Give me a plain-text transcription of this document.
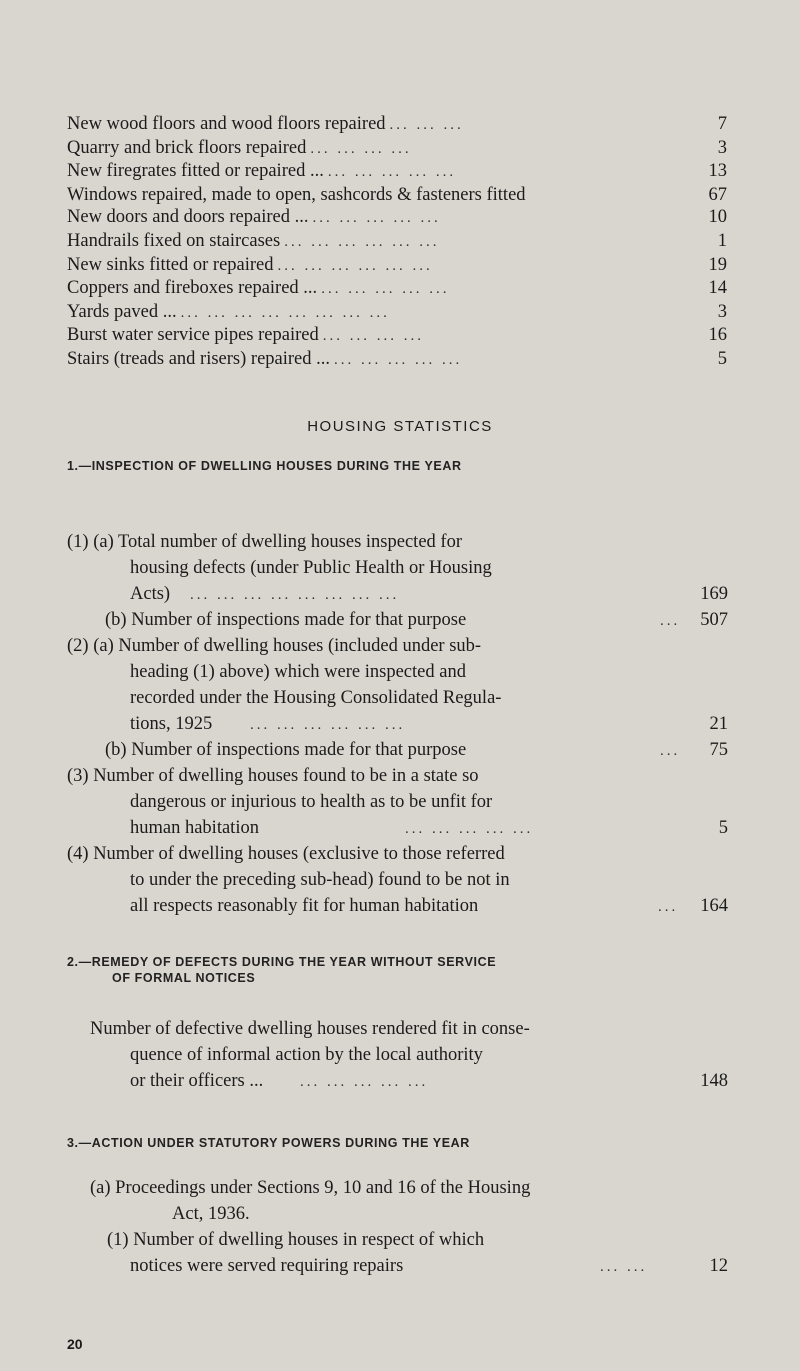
New wood floors and wood floors repaired ... ... ...	7
Quarry and brick floors repaired ... ... ... ...	3
New firegrates fitted or repaired ... ... ... ... ... ...	13
Windows repaired, made to open, sashcords & fasteners fitted	67
New doors and doors repaired ... ... ... ... ... ...	10
Handrails fixed on staircases ... ... ... ... ... ...	1
New sinks fitted or repaired ... ... ... ... ... ...	19
Coppers and fireboxes repaired ... ... ... ... ... ...	14
Yards paved ... ... ... ... ... ... ... ... ...	3
Burst water service pipes repaired ... ... ... ...	16
Stairs (treads and risers) repaired ... ... ... ... ... ...	5
HOUSING STATISTICS
1.—INSPECTION OF DWELLING HOUSES DURING THE YEAR
(1) (a) Total number of dwelling houses inspected for
housing defects (under Public Health or Housing
Acts) ... ... ... ... ... ... ... ...	169
(b) Number of inspections made for that purpose	...	507
(2) (a) Number of dwelling houses (included under sub-
heading (1) above) which were inspected and
recorded under the Housing Consolidated Regula-
tions, 1925	... ... ... ... ... ...	21
(b) Number of inspections made for that purpose	...	75
(3) Number of dwelling houses found to be in a state so
dangerous or injurious to health as to be unfit for
human habitation	... ... ... ... ...	5
(4) Number of dwelling houses (exclusive to those referred
to under the preceding sub-head) found to be not in
all respects reasonably fit for human habitation	...	164
2.—REMEDY OF DEFECTS DURING THE YEAR WITHOUT SERVICE
OF FORMAL NOTICES
Number of defective dwelling houses rendered fit in conse-
quence of informal action by the local authority
or their officers ... ... ... ... ... ...	148
3.—ACTION UNDER STATUTORY POWERS DURING THE YEAR
(a) Proceedings under Sections 9, 10 and 16 of the Housing
Act, 1936.
(1) Number of dwelling houses in respect of which
notices were served requiring repairs	... ...	12
20
